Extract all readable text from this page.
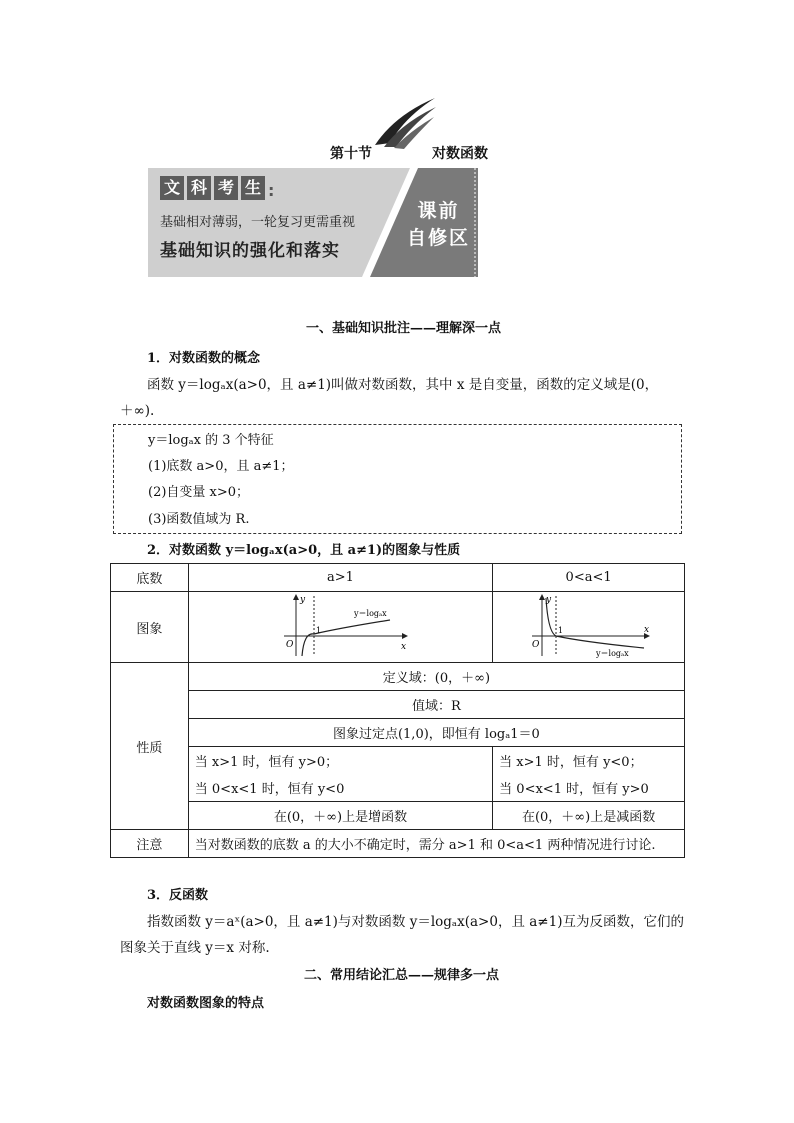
第十节	对数函数
文 科 考 生 :
基础相对薄弱，一轮复习更需重视
基础知识的强化和落实
课前
自修区
一、基础知识批注——理解深一点
1．对数函数的概念
函数 y＝logₐx(a>0，且 a≠1)叫做对数函数，其中 x 是自变量，函数的定义域是(0，
＋∞).
y＝logₐx 的 3 个特征
(1)底数 a>0，且 a≠1；
(2)自变量 x>0；
(3)函数值域为 R.
2．对数函数 y＝logₐx(a>0，且 a≠1)的图象与性质
底数	a>1	0<a<1
图象	y
x
O
1
y＝logₐx	y
x
O
1
y＝logₐx

性质	定义域：(0，＋∞)	
	值域：R	
	图象过定点(1,0)，即恒有 logₐ1＝0	
	当 x>1 时，恒有 y>0；	当 x>1 时，恒有 y<0；
	当 0<x<1 时，恒有 y<0	当 0<x<1 时，恒有 y>0
	在(0，＋∞)上是增函数	在(0，＋∞)上是减函数
注意	当对数函数的底数 a 的大小不确定时，需分 a>1 和 0<a<1 两种情况进行讨论.	
3．反函数
指数函数 y＝aˣ(a>0，且 a≠1)与对数函数 y＝logₐx(a>0，且 a≠1)互为反函数，它们的
图象关于直线 y＝x 对称.
二、常用结论汇总——规律多一点
对数函数图象的特点
